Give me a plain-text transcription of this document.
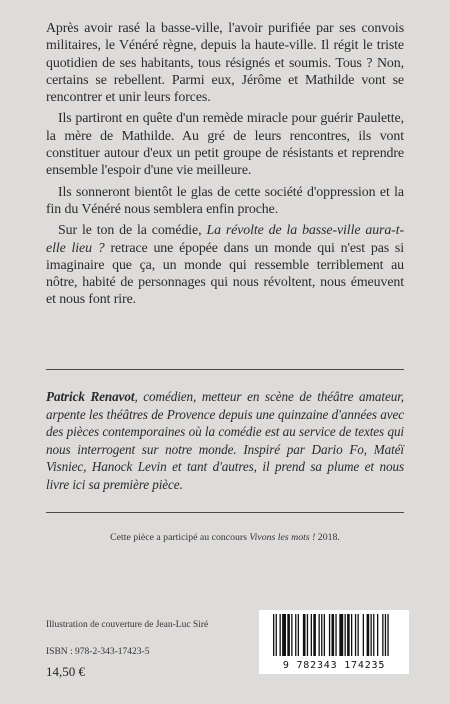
Après avoir rasé la basse-ville, l'avoir purifiée par ses convois militaires, le Vénéré règne, depuis la haute-ville. Il régit le triste quotidien de ses habitants, tous résignés et soumis. Tous ? Non, certains se rebellent. Parmi eux, Jérôme et Mathilde vont se rencontrer et unir leurs forces.

Ils partiront en quête d'un remède miracle pour guérir Paulette, la mère de Mathilde. Au gré de leurs rencontres, ils vont constituer autour d'eux un petit groupe de résistants et reprendre ensemble l'espoir d'une vie meilleure.

Ils sonneront bientôt le glas de cette société d'oppression et la fin du Vénéré nous semblera enfin proche.

Sur le ton de la comédie, La révolte de la basse-ville aura-t-elle lieu ? retrace une épopée dans un monde qui n'est pas si imaginaire que ça, un monde qui ressemble terriblement au nôtre, habité de personnages qui nous révoltent, nous émeuvent et nous font rire.

Patrick Renavot, comédien, metteur en scène de théâtre amateur, arpente les théâtres de Provence depuis une quinzaine d'années avec des pièces contemporaines où la comédie est au service de textes qui nous interrogent sur notre monde. Inspiré par Dario Fo, Matéï Visniec, Hanock Levin et tant d'autres, il prend sa plume et nous livre ici sa première pièce.
Cette pièce a participé au concours Vivons les mots ! 2018.
Illustration de couverture de Jean-Luc Siré
ISBN : 978-2-343-17423-5
14,50 €	9 782343 174235
